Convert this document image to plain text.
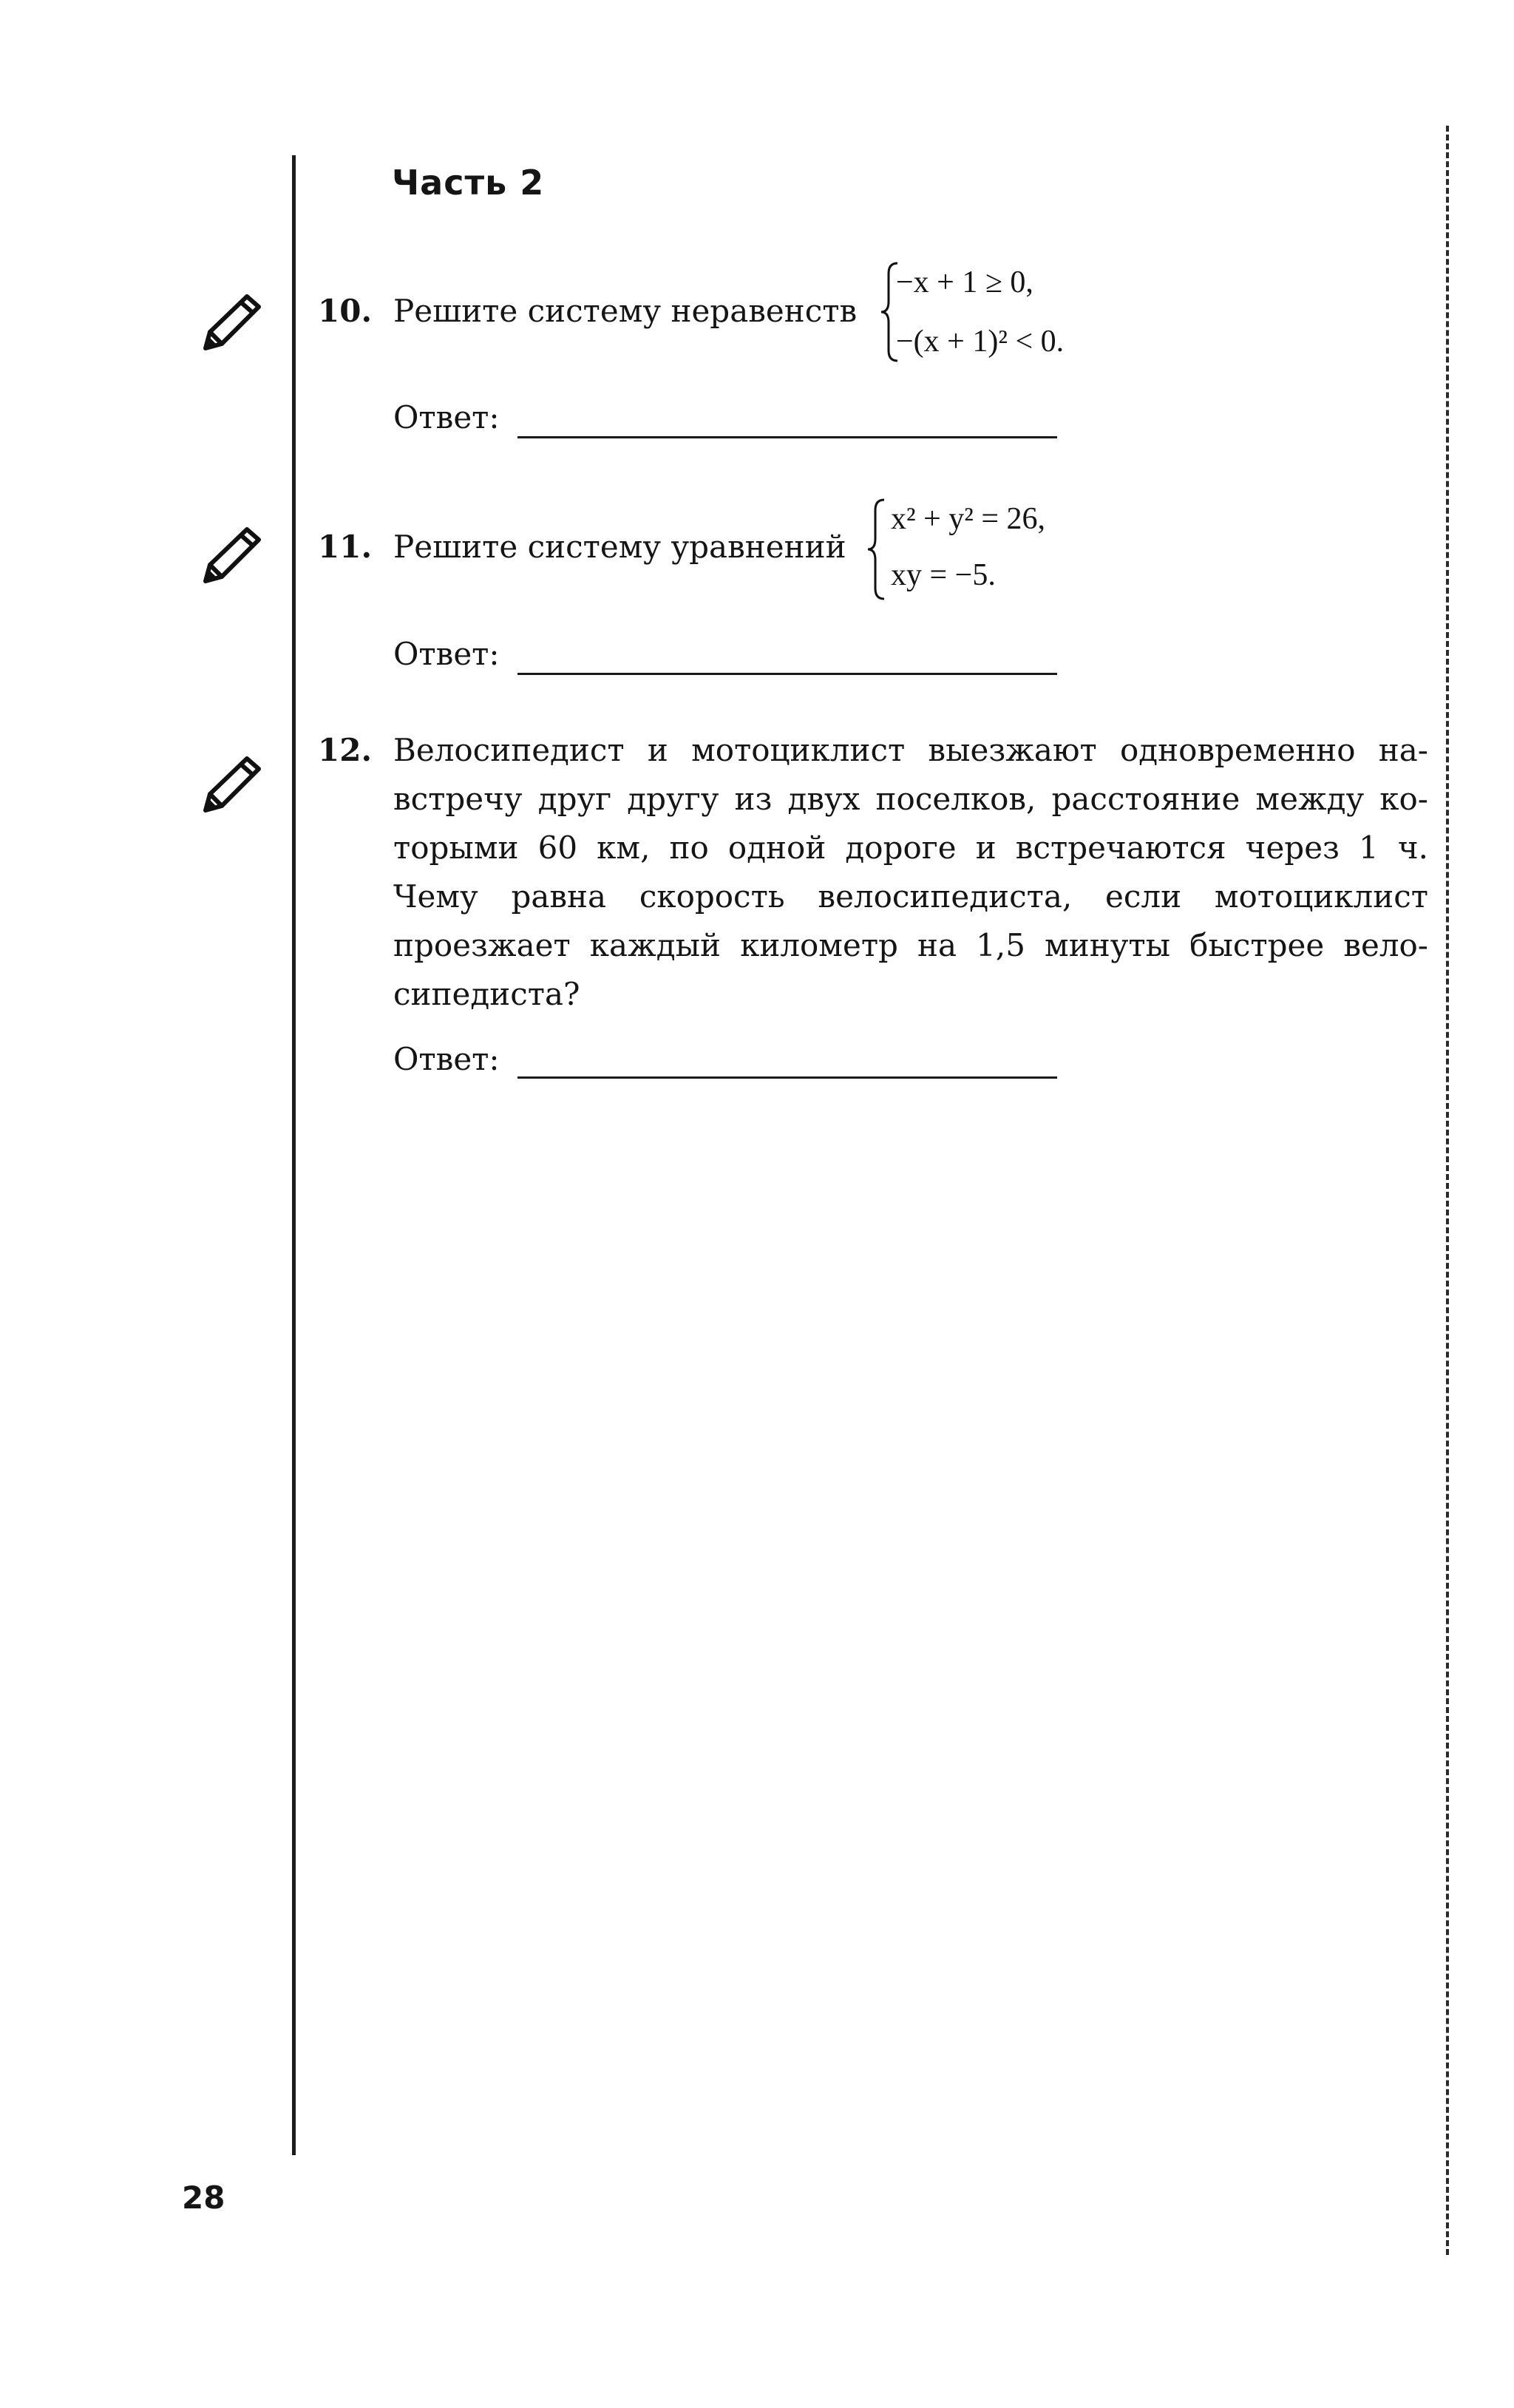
Часть 2
10. Решите систему неравенств
−x + 1 ≥ 0,
−(x + 1)² < 0.
Ответ:
11. Решите систему уравнений
x² + y² = 26,
xy = −5.
Ответ:
12. Велосипедист и мотоциклист выезжают одновременно на-
встречу друг другу из двух поселков, расстояние между ко-
торыми 60 км, по одной дороге и встречаются через 1 ч.
Чему равна скорость велосипедиста, если мотоциклист
проезжает каждый километр на 1,5 минуты быстрее вело-
сипедиста?
Ответ:
28
